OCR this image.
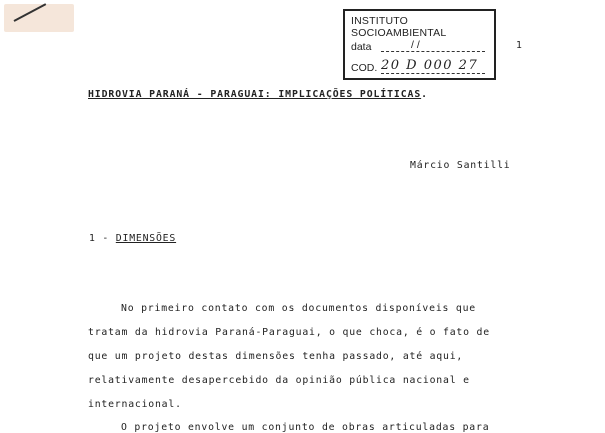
INSTITUTO SOCIOAMBIENTAL
data	/ /
COD. 20 D 000 27
1
HIDROVIA PARANÁ - PARAGUAI: IMPLICAÇÕES POLÍTICAS.
Márcio Santilli
1 - DIMENSÕES
No primeiro contato com os documentos disponíveis que
tratam da hidrovia Paraná-Paraguai, o que choca, é o fato de
que um projeto destas dimensões tenha passado, até aqui,
relativamente desapercebido da opinião pública nacional e
internacional.
O projeto envolve um conjunto de obras articuladas para
